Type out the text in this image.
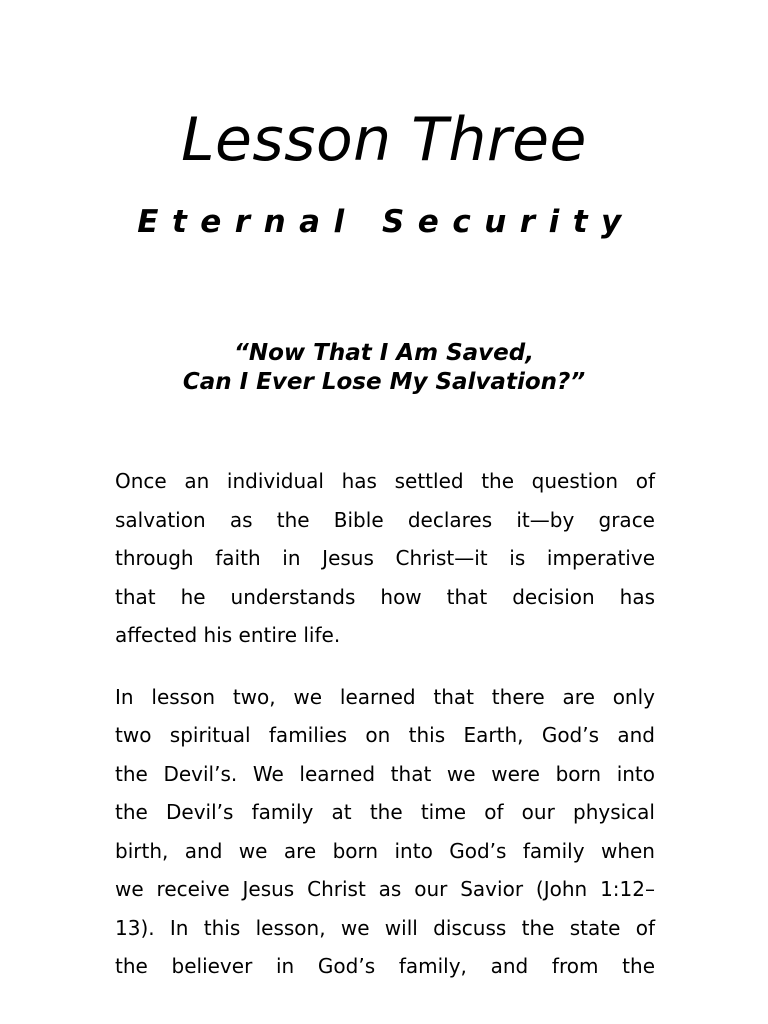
Lesson Three
Eternal Security
“Now That I Am Saved,
Can I Ever Lose My Salvation?”

Once an individual has settled the question of
salvation as the Bible declares it—by grace
through faith in Jesus Christ—it is imperative
that he understands how that decision has
affected his entire life.

In lesson two, we learned that there are only
two spiritual families on this Earth, God’s and
the Devil’s. We learned that we were born into
the Devil’s family at the time of our physical
birth, and we are born into God’s family when
we receive Jesus Christ as our Savior (John 1:12–
13). In this lesson, we will discuss the state of
the believer in God’s family, and from the
